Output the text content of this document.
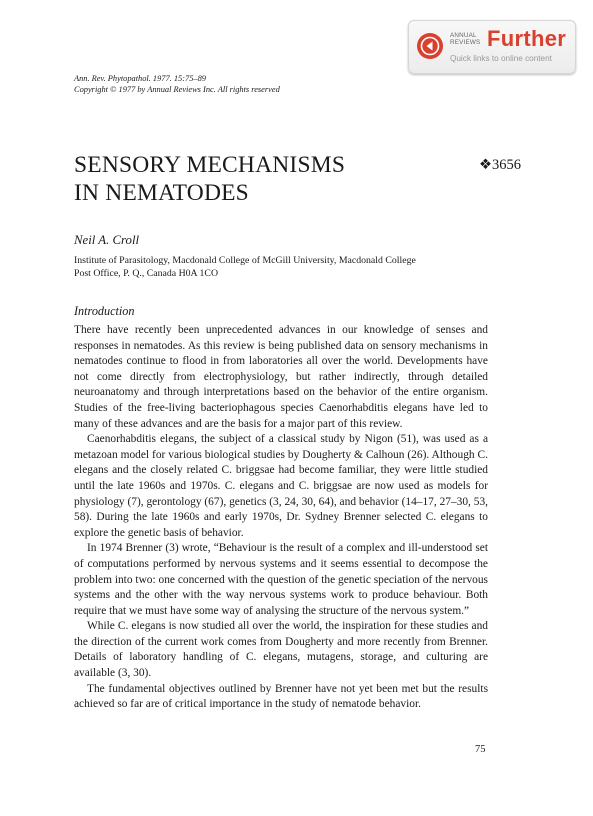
ANNUAL
REVIEWS Further
Quick links to online content
Ann. Rev. Phytopathol. 1977. 15:75–89
Copyright © 1977 by Annual Reviews Inc. All rights reserved
SENSORY MECHANISMS
IN NEMATODES
❖3656
Neil A. Croll
Institute of Parasitology, Macdonald College of McGill University, Macdonald College
Post Office, P. Q., Canada H0A 1CO
Introduction

There have recently been unprecedented advances in our knowledge of senses and responses in nematodes. As this review is being published data on sensory mechanisms in nematodes continue to flood in from laboratories all over the world. Developments have not come directly from electrophysiology, but rather indirectly, through detailed neuroanatomy and through interpretations based on the behavior of the entire organism. Studies of the free-living bacteriophagous species Caenorhabditis elegans have led to many of these advances and are the basis for a major part of this review.

Caenorhabditis elegans, the subject of a classical study by Nigon (51), was used as a metazoan model for various biological studies by Dougherty & Calhoun (26). Although C. elegans and the closely related C. briggsae had become familiar, they were little studied until the late 1960s and 1970s. C. elegans and C. briggsae are now used as models for physiology (7), gerontology (67), genetics (3, 24, 30, 64), and behavior (14–17, 27–30, 53, 58). During the late 1960s and early 1970s, Dr. Sydney Brenner selected C. elegans to explore the genetic basis of behavior.

In 1974 Brenner (3) wrote, “Behaviour is the result of a complex and ill-understood set of computations performed by nervous systems and it seems essential to decompose the problem into two: one concerned with the question of the genetic speciation of the nervous systems and the other with the way nervous systems work to produce behaviour. Both require that we must have some way of analysing the structure of the nervous system.”

While C. elegans is now studied all over the world, the inspiration for these studies and the direction of the current work comes from Dougherty and more recently from Brenner. Details of laboratory handling of C. elegans, mutagens, storage, and culturing are available (3, 30).

The fundamental objectives outlined by Brenner have not yet been met but the results achieved so far are of critical importance in the study of nematode behavior.

75
